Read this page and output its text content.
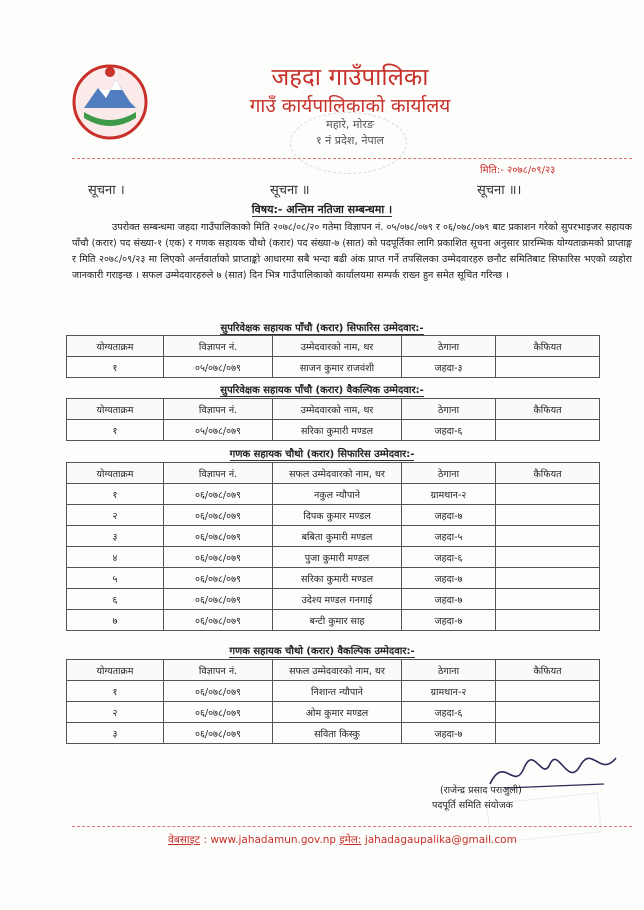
जहदा गाउँपालिका
गाउँ कार्यपालिकाको कार्यालय
महारे, मोरङ
१ नं प्रदेश, नेपाल
मिति:- २०७८/०९/२३
सूचना ।	सूचना ॥	सूचना ॥।
विषय:- अन्तिम नतिजा सम्बन्धमा ।
उपरोक्त सम्बन्धमा जहदा गाउँपालिकाको मिति २०७८/०८/२० गतेमा विज्ञापन नं. ०५/०७८/०७९ र ०६/०७८/०७९ बाट प्रकाशन गरेको सुपरभाइजर सहायक पाँचौ (करार) पद संख्या-१ (एक) र गणक सहायक चौथो (करार) पद संख्या-७ (सात) को पदपूर्तिका लागि प्रकाशित सूचना अनुसार प्रारम्भिक योग्यताक्रमको प्राप्ताङ्ग र मिति २०७८/०९/२३ मा लिएको अर्न्तवार्ताको प्राप्ताङ्को आधारमा सबै भन्दा बढी अंक प्राप्त गर्ने तपसिलका उम्मेदवारहरु छनौट समितिबाट सिफारिस भएको व्यहोरा जानकारी गराइन्छ । सफल उम्मेदवारहरुले ७ (सात) दिन भित्र गाउँपालिकाको कार्यालयमा सम्पर्क राख्न हुन समेत सूचित गरिन्छ ।
सुपरिवेक्षक सहायक पाँचौ (करार) सिफारिस उम्मेदवार:-
योग्यताक्रम	विज्ञापन नं.	उम्मेदवारको नाम, थर	ठेगाना	कैफियत
१	०५/०७८/०७९	साजन कुमार राजवंशी	जहदा-३	
सुपरिवेक्षक सहायक पाँचौ (करार) वैकल्पिक उम्मेदवार:-
योग्यताक्रम	विज्ञापन नं.	उम्मेदवारको नाम, थर	ठेगाना	कैफियत
१	०५/०७८/०७९	सरिका कुमारी मण्डल	जहदा-६	
गणक सहायक चौथो (करार) सिफारिस उम्मेदवार:-
योग्यताक्रम	विज्ञापन नं.	सफल उम्मेदवारको नाम, थर	ठेगाना	कैफियत
१	०६/०७८/०७९	नकुल न्यौपाने	ग्रामथान-२	
२	०६/०७८/०७९	दिपक कुमार मण्डल	जहदा-७	
३	०६/०७८/०७९	बबिता कुमारी मण्डल	जहदा-५	
४	०६/०७८/०७९	पुजा कुमारी मण्डल	जहदा-६	
५	०६/०७८/०७९	सरिका कुमारी मण्डल	जहदा-७	
६	०६/०७८/०७९	उदेश्य मण्डल गनगाई	जहदा-७	
७	०६/०७८/०७९	बन्टी कुमार साह	जहदा-७	
गणक सहायक चौथो (करार) वैकल्पिक उम्मेदवार:-
योग्यताक्रम	विज्ञापन नं.	सफल उम्मेदवारको नाम, थर	ठेगाना	कैफियत
१	०६/०७८/०७९	निशान्त न्यौपाने	ग्रामथान-२	
२	०६/०७८/०७९	ओम कुमार मण्डल	जहदा-६	
३	०६/०७८/०७९	सविता किस्कु	जहदा-७	
(राजेन्द्र प्रसाद पराजुली)
पदपूर्ति समिति संयोजक
वेबसाइट : www.jahadamun.gov.np इमेल: jahadagaupalika@gmail.com
